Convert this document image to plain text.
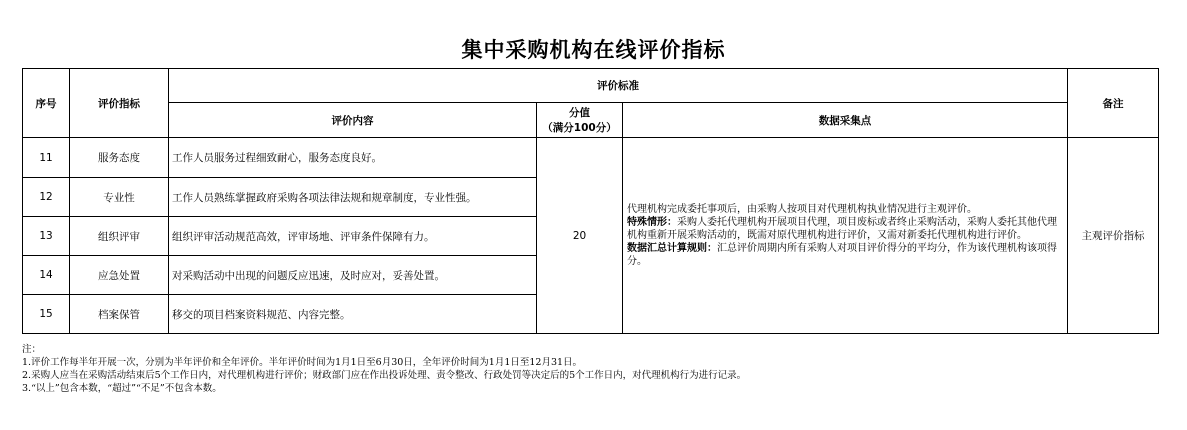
集中采购机构在线评价指标
序号	评价指标	评价标准			备注
		评价内容	分值
（满分100分）	数据采集点	
11	服务态度	工作人员服务过程细致耐心，服务态度良好。	20	代理机构完成委托事项后，由采购人按项目对代理机构执业情况进行主观评价。
特殊情形：采购人委托代理机构开展项目代理，项目废标或者终止采购活动，采购人委托其他代理机构重新开展采购活动的，既需对原代理机构进行评价，又需对新委托代理机构进行评价。
数据汇总计算规则：汇总评价周期内所有采购人对项目评价得分的平均分，作为该代理机构该项得分。	主观评价指标
12	专业性	工作人员熟练掌握政府采购各项法律法规和规章制度，专业性强。			
13	组织评审	组织评审活动规范高效，评审场地、评审条件保障有力。			
14	应急处置	对采购活动中出现的问题反应迅速，及时应对，妥善处置。			
15	档案保管	移交的项目档案资料规范、内容完整。			
注：
1.评价工作每半年开展一次，分别为半年评价和全年评价。半年评价时间为1月1日至6月30日，全年评价时间为1月1日至12月31日。
2.采购人应当在采购活动结束后5个工作日内，对代理机构进行评价；财政部门应在作出投诉处理、责令整改、行政处罚等决定后的5个工作日内，对代理机构行为进行记录。
3.“以上”包含本数，“超过”“不足”不包含本数。
